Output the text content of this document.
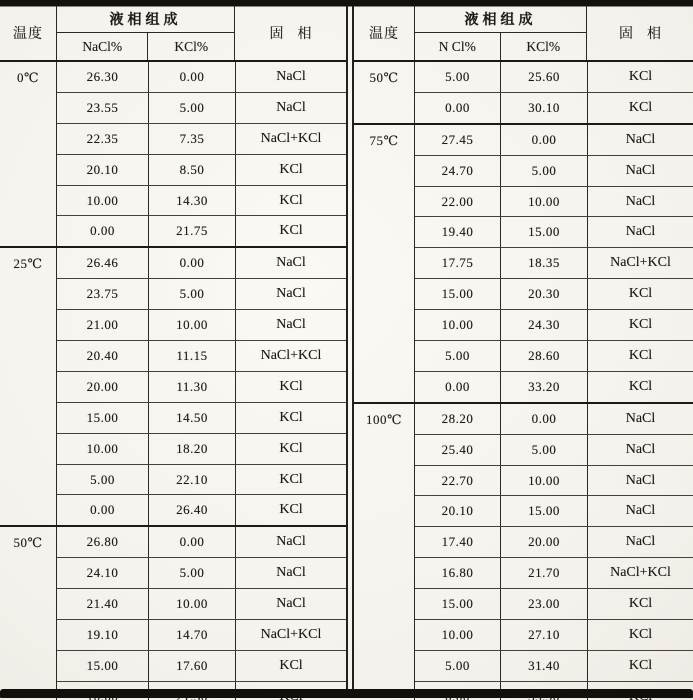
温度
液相组成
NaCl%	KCl%
固　相
0℃	26.30	0.00	NaCl
23.55	5.00	NaCl
22.35	7.35	NaCl+KCl
20.10	8.50	KCl
10.00	14.30	KCl
0.00	21.75	KCl
25℃	26.46	0.00	NaCl
23.75	5.00	NaCl
21.00	10.00	NaCl
20.40	11.15	NaCl+KCl
20.00	11.30	KCl
15.00	14.50	KCl
10.00	18.20	KCl
5.00	22.10	KCl
0.00	26.40	KCl
50℃	26.80	0.00	NaCl
24.10	5.00	NaCl
21.40	10.00	NaCl
19.10	14.70	NaCl+KCl
15.00	17.60	KCl
温度
液相组成
N Cl%	KCl%
固　相
50℃	5.00	25.60	KCl
0.00	30.10	KCl
75℃	27.45	0.00	NaCl
24.70	5.00	NaCl
22.00	10.00	NaCl
19.40	15.00	NaCl
17.75	18.35	NaCl+KCl
15.00	20.30	KCl
10.00	24.30	KCl
5.00	28.60	KCl
0.00	33.20	KCl
100℃	28.20	0.00	NaCl
25.40	5.00	NaCl
22.70	10.00	NaCl
20.10	15.00	NaCl
17.40	20.00	NaCl
16.80	21.70	NaCl+KCl
15.00	23.00	KCl
10.00	27.10	KCl
5.00	31.40	KCl
